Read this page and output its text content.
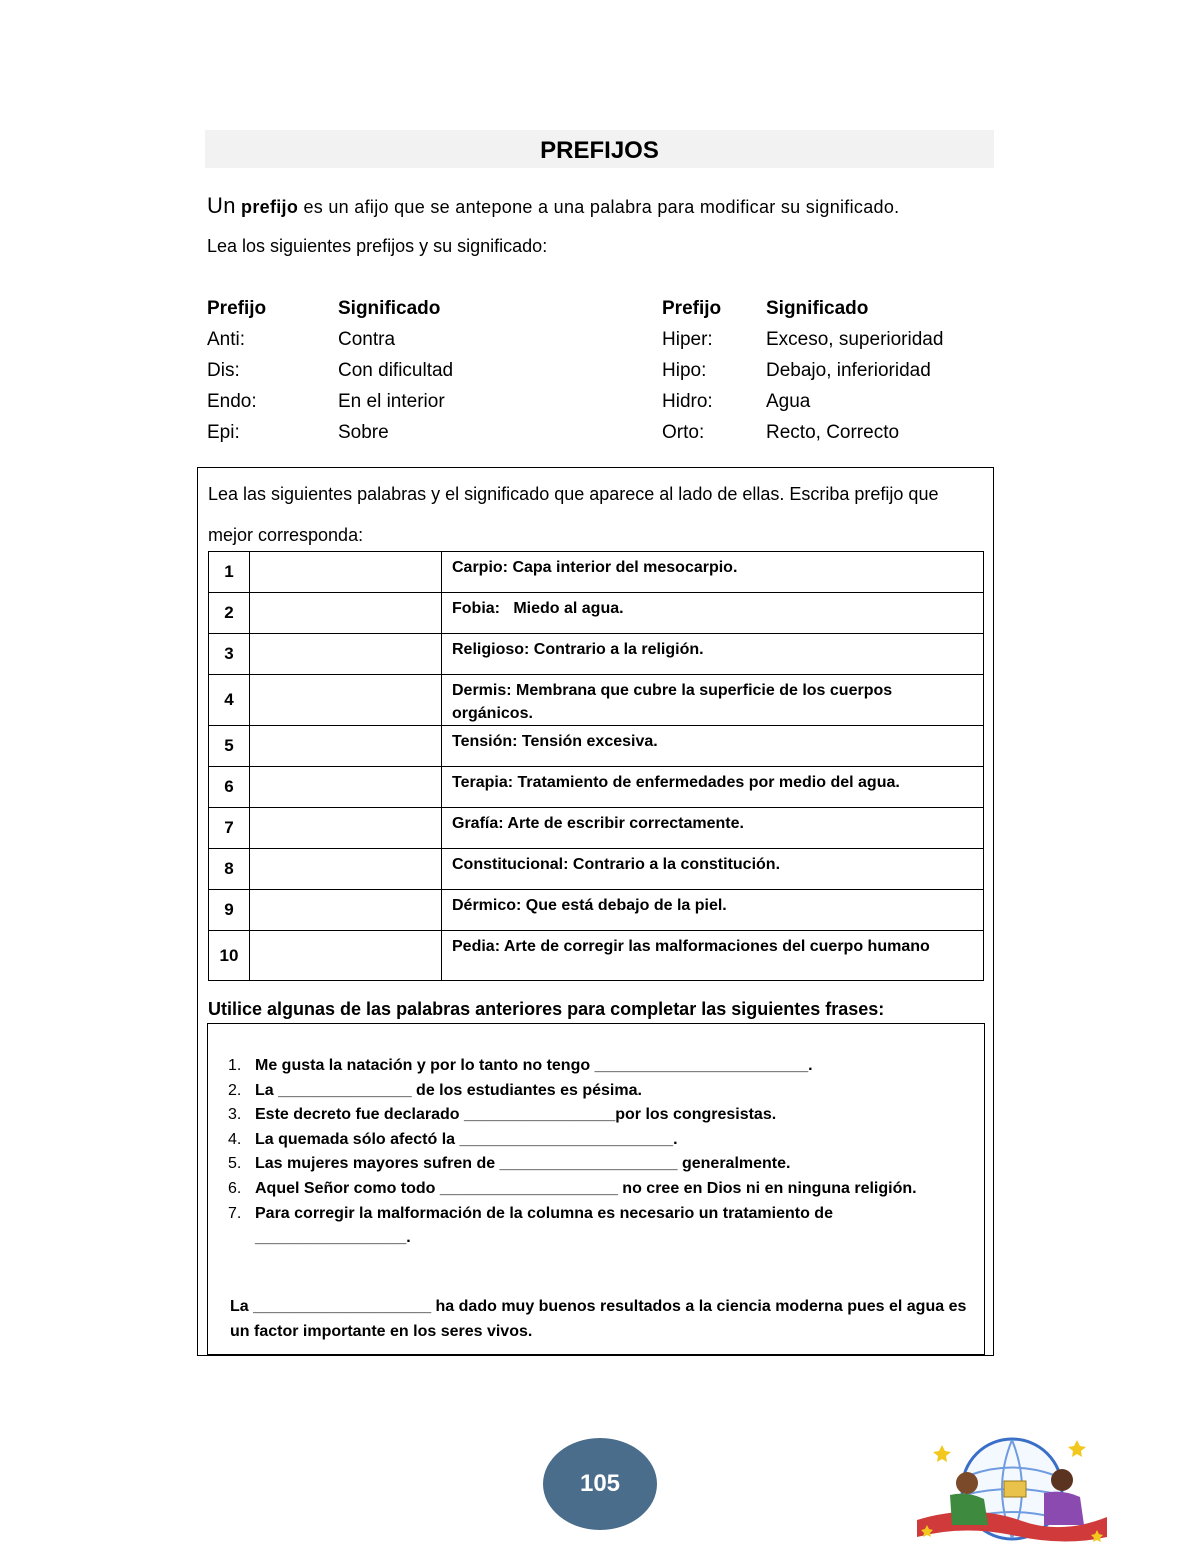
PREFIJOS
Un prefijo es un afijo que se antepone a una palabra para modificar su significado.
Lea los siguientes prefijos y su significado:
Prefijo	Significado	Prefijo Significado
Anti:	Contra	Hiper:	Exceso, superioridad
Dis:	Con dificultad	Hipo:	Debajo, inferioridad
Endo:	En el interior	Hidro:	Agua
Epi:	Sobre	Orto:	Recto, Correcto
Lea las siguientes palabras y el significado que aparece al lado de ellas. Escriba prefijo que mejor corresponda:
1		Carpio: Capa interior del mesocarpio.
2		Fobia:   Miedo al agua.
3		Religioso: Contrario a la religión.
4		Dermis: Membrana que cubre la superficie de los cuerpos orgánicos.
5		Tensión: Tensión excesiva.
6		Terapia: Tratamiento de enfermedades por medio del agua.
7		Grafía: Arte de escribir correctamente.
8		Constitucional: Contrario a la constitución.
9		Dérmico: Que está debajo de la piel.
10		Pedia: Arte de corregir las malformaciones del cuerpo humano
Utilice algunas de las palabras anteriores para completar las siguientes frases:
1. Me gusta la natación y por lo tanto no tengo ________________________.
2. La _______________ de los estudiantes es pésima.
3. Este decreto fue declarado _________________por los congresistas.
4. La quemada sólo afectó la ________________________.
5. Las mujeres mayores sufren de ____________________ generalmente.
6. Aquel Señor como todo ____________________ no cree en Dios ni en ninguna religión.
7. Para corregir la malformación de la columna es necesario un tratamiento de _________________.
La ____________________ ha dado muy buenos resultados a la ciencia moderna pues el agua es un factor importante en los seres vivos.
105
